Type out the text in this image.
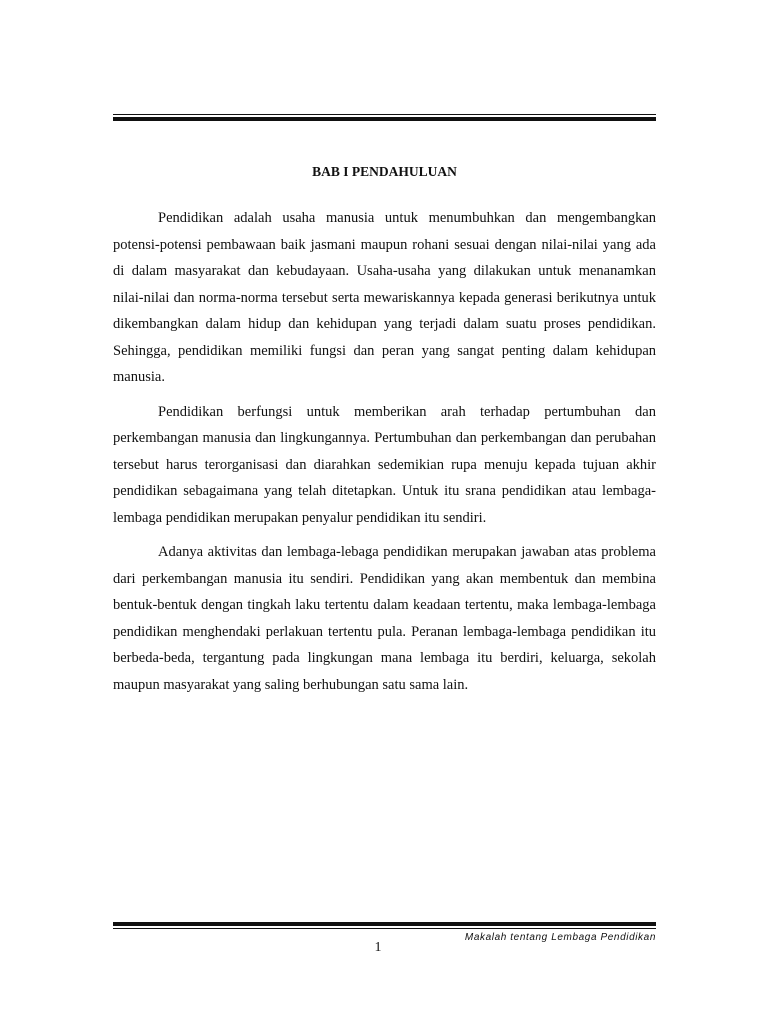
BAB I PENDAHULUAN

Pendidikan adalah usaha manusia untuk menumbuhkan dan mengembangkan potensi-potensi pembawaan baik jasmani maupun rohani sesuai dengan nilai-nilai yang ada di dalam masyarakat dan kebudayaan. Usaha-usaha yang dilakukan untuk menanamkan nilai-nilai dan norma-norma tersebut serta mewariskannya kepada generasi berikutnya untuk dikembangkan dalam hidup dan kehidupan yang terjadi dalam suatu proses pendidikan. Sehingga, pendidikan memiliki fungsi dan peran yang sangat penting dalam kehidupan manusia.

Pendidikan berfungsi untuk memberikan arah terhadap pertumbuhan dan perkembangan manusia dan lingkungannya. Pertumbuhan dan perkembangan dan perubahan tersebut harus terorganisasi dan diarahkan sedemikian rupa menuju kepada tujuan akhir pendidikan sebagaimana yang telah ditetapkan. Untuk itu srana pendidikan atau lembaga-lembaga pendidikan merupakan penyalur pendidikan itu sendiri.

Adanya aktivitas dan lembaga-lebaga pendidikan merupakan jawaban atas problema dari perkembangan manusia itu sendiri. Pendidikan yang akan membentuk dan membina bentuk-bentuk dengan tingkah laku tertentu dalam keadaan tertentu, maka lembaga-lembaga pendidikan menghendaki perlakuan tertentu pula. Peranan lembaga-lembaga pendidikan itu berbeda-beda, tergantung pada lingkungan mana lembaga itu berdiri, keluarga, sekolah maupun masyarakat yang saling berhubungan satu sama lain.

Makalah tentang Lembaga Pendidikan
1
